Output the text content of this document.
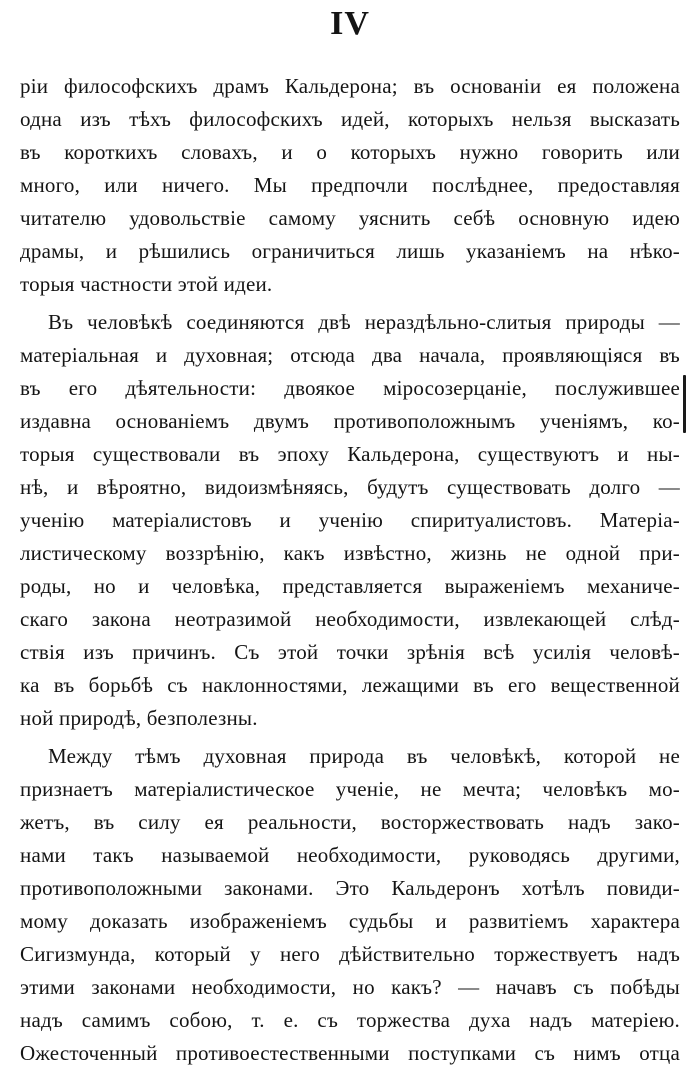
IV
ріи философскихъ драмъ Кальдерона; въ основаніи ея положена
одна изъ тѣхъ философскихъ идей, которыхъ нельзя высказать
въ короткихъ словахъ, и о которыхъ нужно говорить или
много, или ничего. Мы предпочли послѣднее, предоставляя
читателю удовольствіе самому уяснить себѣ основную идею
драмы, и рѣшились ограничиться лишь указаніемъ на нѣко-
торыя частности этой идеи.
Въ человѣкѣ соединяются двѣ нераздѣльно-слитыя природы —
матеріальная и духовная; отсюда два начала, проявляющіяся въ
въ его дѣятельности: двоякое міросозерцаніе, послужившее
издавна основаніемъ двумъ противоположнымъ ученіямъ, ко-
торыя существовали въ эпоху Кальдерона, существуютъ и ны-
нѣ, и вѣроятно, видоизмѣняясь, будутъ существовать долго —
ученію матеріалистовъ и ученію спиритуалистовъ. Матеріа-
листическому воззрѣнію, какъ извѣстно, жизнь не одной при-
роды, но и человѣка, представляется выраженіемъ механиче-
скаго закона неотразимой необходимости, извлекающей слѣд-
ствія изъ причинъ. Съ этой точки зрѣнія всѣ усилія человѣ-
ка въ борьбѣ съ наклонностями, лежащими въ его вещественной
ной природѣ, безполезны.
Между тѣмъ духовная природа въ человѣкѣ, которой не
признаетъ матеріалистическое ученіе, не мечта; человѣкъ мо-
жетъ, въ силу ея реальности, восторжествовать надъ зако-
нами такъ называемой необходимости, руководясь другими,
противоположными законами. Это Кальдеронъ хотѣлъ повиди-
мому доказать изображеніемъ судьбы и развитіемъ характера
Сигизмунда, который у него дѣйствительно торжествуетъ надъ
этими законами необходимости, но какъ? — начавъ съ побѣды
надъ самимъ собою, т. е. съ торжества духа надъ матеріею.
Ожесточенный противоестественными поступками съ нимъ отца
